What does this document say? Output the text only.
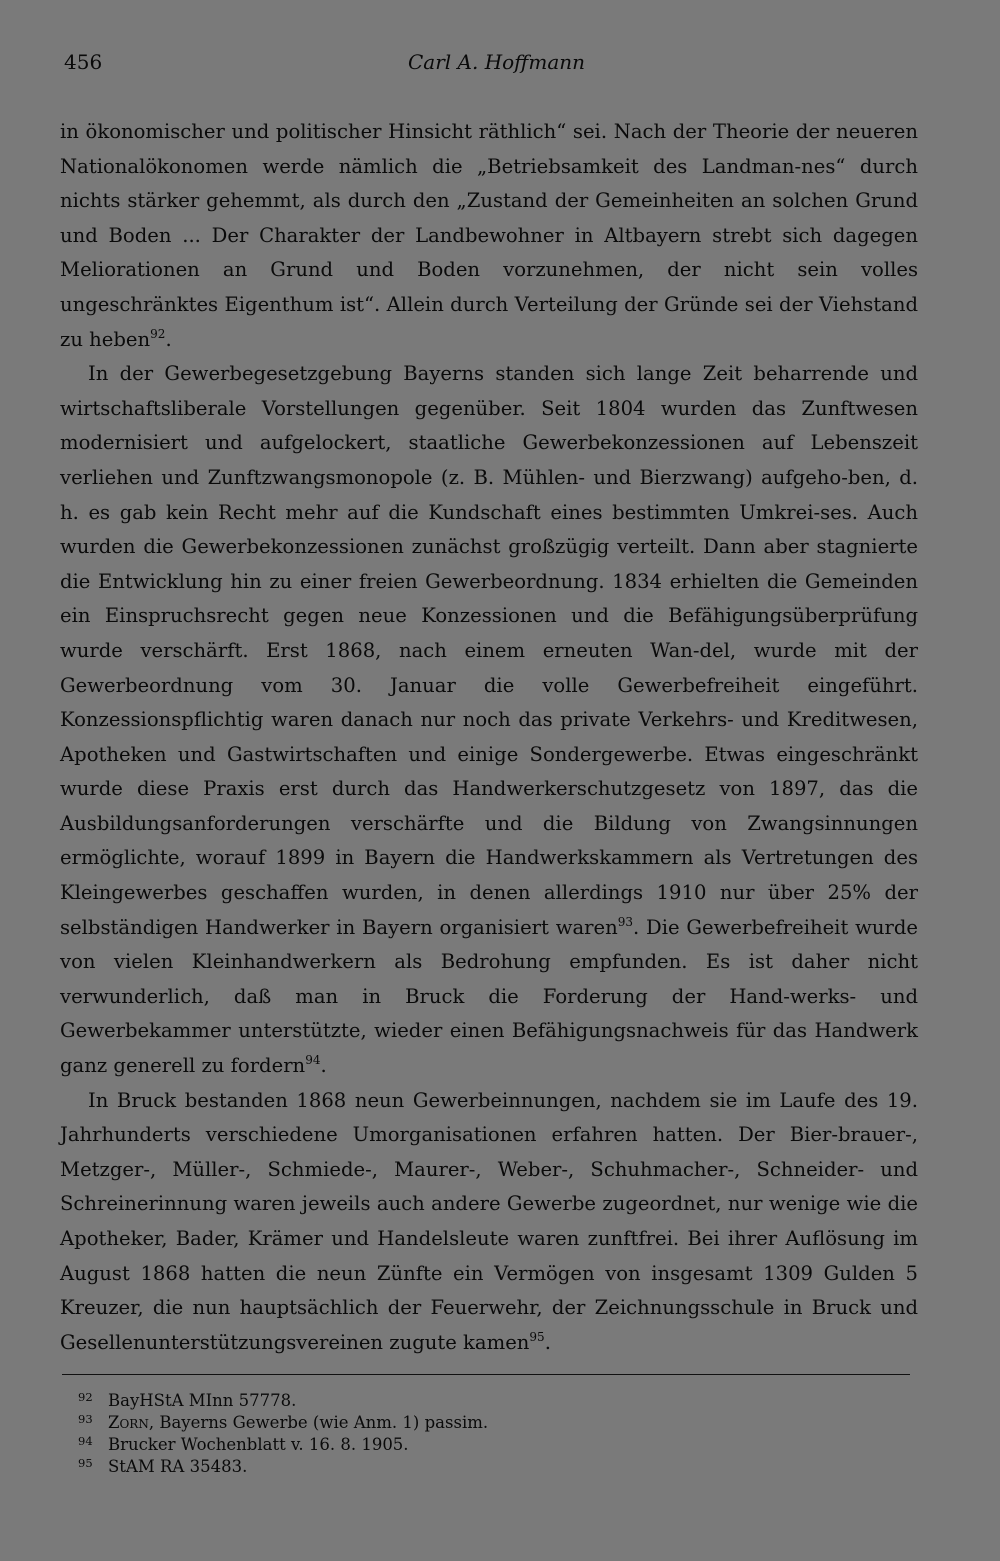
456	Carl A. Hoffmann

in ökonomischer und politischer Hinsicht räthlich“ sei. Nach der Theorie der neueren Nationalökonomen werde nämlich die „Betriebsamkeit des Landman-nes“ durch nichts stärker gehemmt, als durch den „Zustand der Gemeinheiten an solchen Grund und Boden ... Der Charakter der Landbewohner in Altbayern strebt sich dagegen Meliorationen an Grund und Boden vorzunehmen, der nicht sein volles ungeschränktes Eigenthum ist“. Allein durch Verteilung der Gründe sei der Viehstand zu heben$^{92}$.

In der Gewerbegesetzgebung Bayerns standen sich lange Zeit beharrende und wirtschaftsliberale Vorstellungen gegenüber. Seit 1804 wurden das Zunftwesen modernisiert und aufgelockert, staatliche Gewerbekonzessionen auf Lebenszeit verliehen und Zunftzwangsmonopole (z. B. Mühlen- und Bierzwang) aufgeho-ben, d. h. es gab kein Recht mehr auf die Kundschaft eines bestimmten Umkrei-ses. Auch wurden die Gewerbekonzessionen zunächst großzügig verteilt. Dann aber stagnierte die Entwicklung hin zu einer freien Gewerbeordnung. 1834 erhielten die Gemeinden ein Einspruchsrecht gegen neue Konzessionen und die Befähigungsüberprüfung wurde verschärft. Erst 1868, nach einem erneuten Wan-del, wurde mit der Gewerbeordnung vom 30. Januar die volle Gewerbefreiheit eingeführt. Konzessionspflichtig waren danach nur noch das private Verkehrs- und Kreditwesen, Apotheken und Gastwirtschaften und einige Sondergewerbe. Etwas eingeschränkt wurde diese Praxis erst durch das Handwerkerschutzgesetz von 1897, das die Ausbildungsanforderungen verschärfte und die Bildung von Zwangsinnungen ermöglichte, worauf 1899 in Bayern die Handwerkskammern als Vertretungen des Kleingewerbes geschaffen wurden, in denen allerdings 1910 nur über 25% der selbständigen Handwerker in Bayern organisiert waren$^{93}$. Die Gewerbefreiheit wurde von vielen Kleinhandwerkern als Bedrohung empfunden. Es ist daher nicht verwunderlich, daß man in Bruck die Forderung der Hand-werks- und Gewerbekammer unterstützte, wieder einen Befähigungsnachweis für das Handwerk ganz generell zu fordern$^{94}$.

In Bruck bestanden 1868 neun Gewerbeinnungen, nachdem sie im Laufe des 19. Jahrhunderts verschiedene Umorganisationen erfahren hatten. Der Bier-brauer-, Metzger-, Müller-, Schmiede-, Maurer-, Weber-, Schuhmacher-, Schneider- und Schreinerinnung waren jeweils auch andere Gewerbe zugeordnet, nur wenige wie die Apotheker, Bader, Krämer und Handelsleute waren zunftfrei. Bei ihrer Auflösung im August 1868 hatten die neun Zünfte ein Vermögen von insgesamt 1309 Gulden 5 Kreuzer, die nun hauptsächlich der Feuerwehr, der Zeichnungsschule in Bruck und Gesellenunterstützungsvereinen zugute kamen$^{95}$.

92 BayHStA MInn 57778.
93 Zorn, Bayerns Gewerbe (wie Anm. 1) passim.
94 Brucker Wochenblatt v. 16. 8. 1905.
95 StAM RA 35483.
